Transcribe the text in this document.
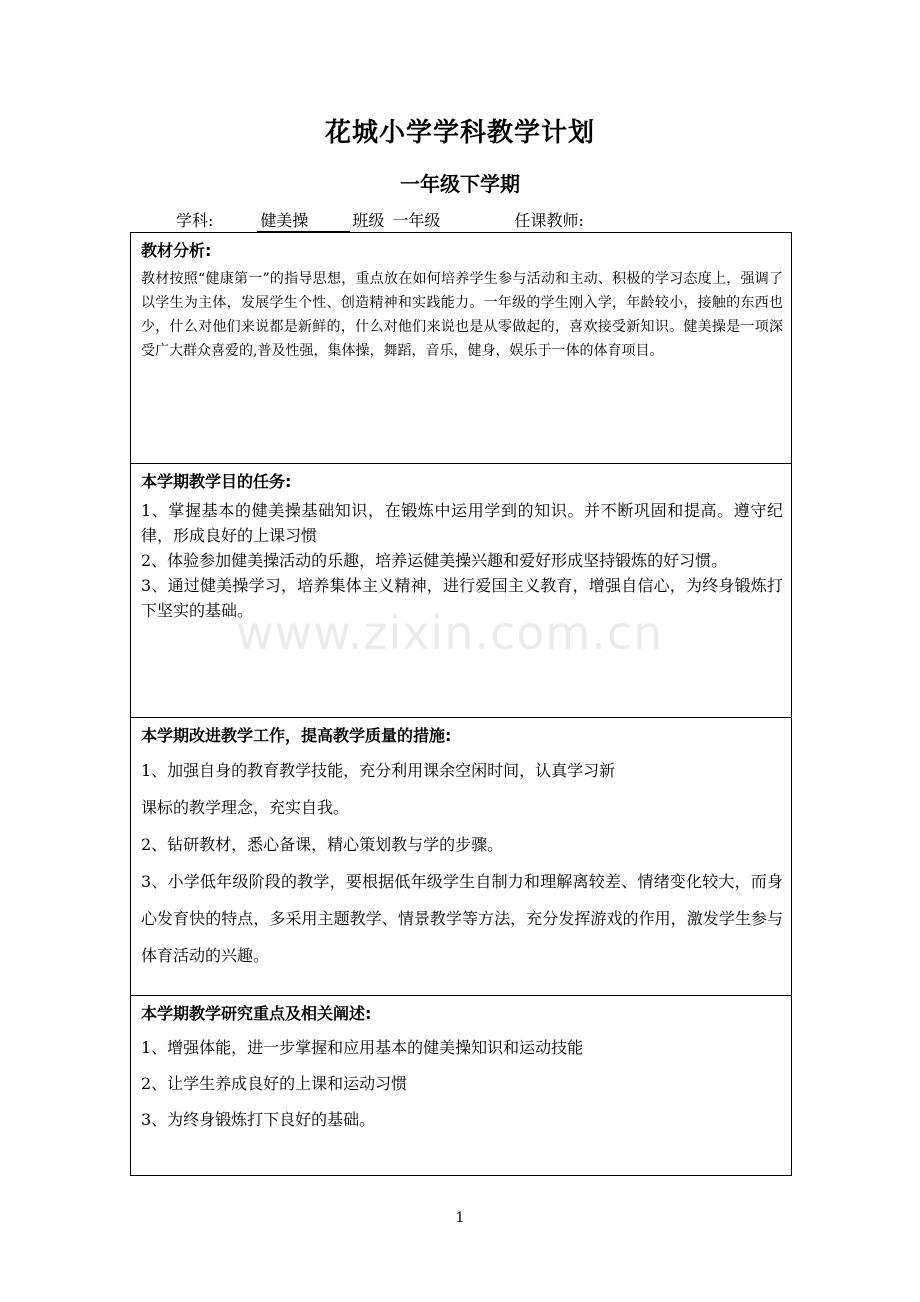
花城小学学科教学计划
一年级下学期
学科:	健美操	班级 一年级	任课教师:
教材分析:
教材按照“健康第一”的指导思想，重点放在如何培养学生参与活动和主动、积极的学习态度上，强调了以学生为主体，发展学生个性、创造精神和实践能力。一年级的学生刚入学，年龄较小，接触的东西也少，什么对他们来说都是新鲜的，什么对他们来说也是从零做起的，喜欢接受新知识。健美操是一项深受广大群众喜爱的,普及性强，集体操，舞蹈，音乐，健身，娱乐于一体的体育项目。
本学期教学目的任务:
1、掌握基本的健美操基础知识，在锻炼中运用学到的知识。并不断巩固和提高。遵守纪律，形成良好的上课习惯
2、体验参加健美操活动的乐趣，培养运健美操兴趣和爱好形成坚持锻炼的好习惯。
3、通过健美操学习，培养集体主义精神，进行爱国主义教育，增强自信心，为终身锻炼打下坚实的基础。
本学期改进教学工作，提高教学质量的措施:
1、加强自身的教育教学技能，充分利用课余空闲时间，认真学习新
课标的教学理念，充实自我。
2、钻研教材，悉心备课，精心策划教与学的步骤。
3、小学低年级阶段的教学，要根据低年级学生自制力和理解离较差、情绪变化较大，而身心发育快的特点，多采用主题教学、情景教学等方法，充分发挥游戏的作用，激发学生参与体育活动的兴趣。
本学期教学研究重点及相关阐述:
1、增强体能，进一步掌握和应用基本的健美操知识和运动技能
2、让学生养成良好的上课和运动习惯
3、为终身锻炼打下良好的基础。
www.zixin.com.cn
1
